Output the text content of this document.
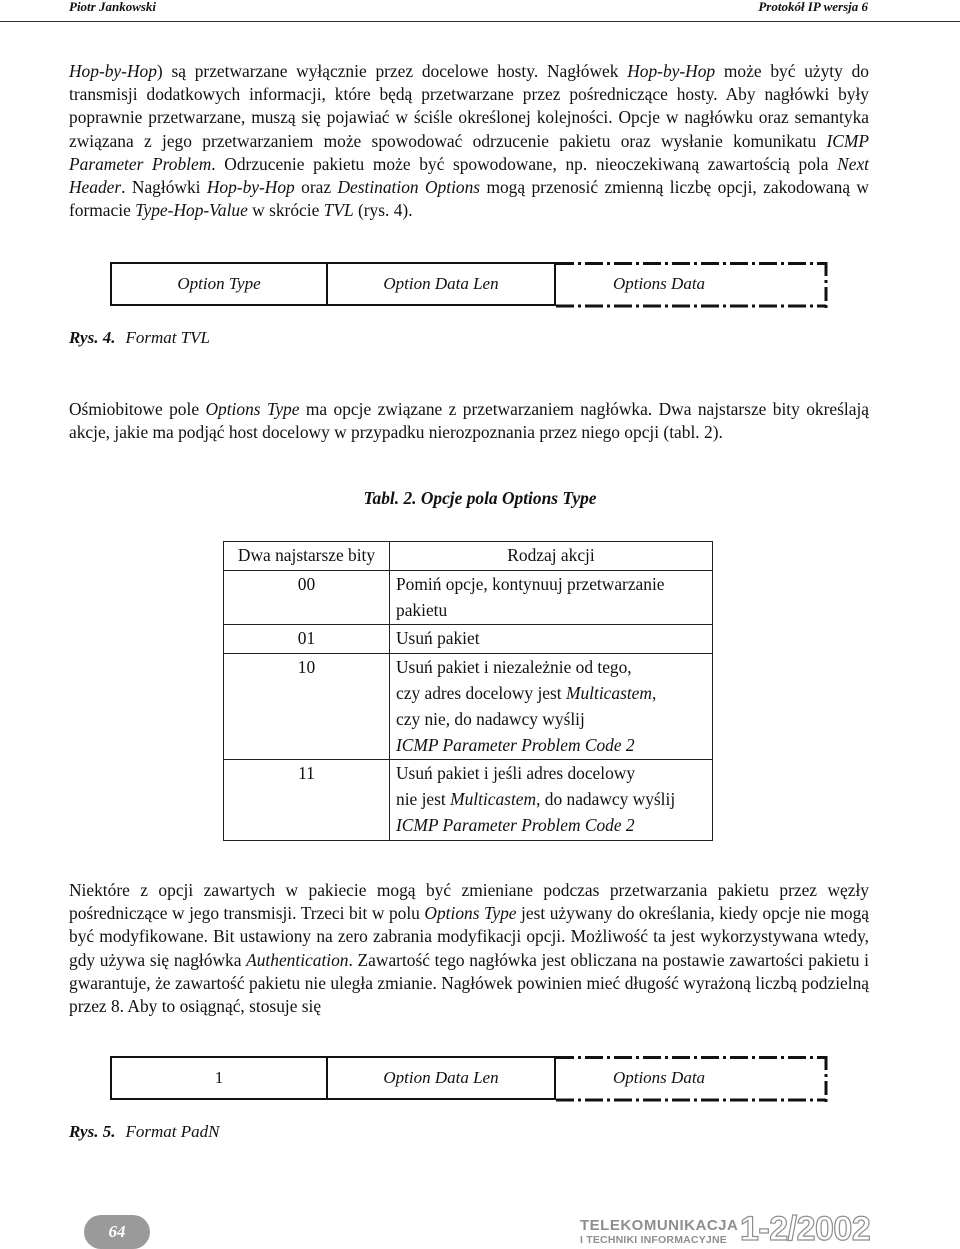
Piotr Jankowski	Protokół IP wersja 6

Hop-by-Hop) są przetwarzane wyłącznie przez docelowe hosty. Nagłówek Hop-by-Hop może być użyty do transmisji dodatkowych informacji, które będą przetwarzane przez pośredniczące hosty. Aby nagłówki były poprawnie przetwarzane, muszą się pojawiać w ściśle określonej kolejności. Opcje w nagłówku oraz semantyka związana z jego przetwarzaniem może spowodować odrzucenie pakietu oraz wysłanie komunikatu ICMP Parameter Problem. Odrzucenie pakietu może być spowodowane, np. nieoczekiwaną zawartością pola Next Header. Nagłówki Hop-by-Hop oraz Destination Options mogą przenosić zmienną liczbę opcji, zakodowaną w formacie Type-Hop-Value w skrócie TVL (rys. 4).

Option Type	Option Data Len	Options Data
Rys. 4. Format TVL

Ośmiobitowe pole Options Type ma opcje związane z przetwarzaniem nagłówka. Dwa najstarsze bity określają akcje, jakie ma podjąć host docelowy w przypadku nierozpoznania przez niego opcji (tabl. 2).

Tabl. 2. Opcje pola Options Type
Dwa najstarsze bity	Rodzaj akcji
00	Pomiń opcje, kontynuuj przetwarzanie
pakietu

01	Usuń pakiet

10	Usuń pakiet i niezależnie od tego,
czy adres docelowy jest Multicastem,
czy nie, do nadawcy wyślij
ICMP Parameter Problem Code 2

11	Usuń pakiet i jeśli adres docelowy
nie jest Multicastem, do nadawcy wyślij
ICMP Parameter Problem Code 2

Niektóre z opcji zawartych w pakiecie mogą być zmieniane podczas przetwarzania pakietu przez węzły pośredniczące w jego transmisji. Trzeci bit w polu Options Type jest używany do określania, kiedy opcje nie mogą być modyfikowane. Bit ustawiony na zero zabrania modyfikacji opcji. Możliwość ta jest wykorzystywana wtedy, gdy używa się nagłówka Authentication. Zawartość tego nagłówka jest obliczana na postawie zawartości pakietu i gwarantuje, że zawartość pakietu nie uległa zmianie. Nagłówek powinien mieć długość wyrażoną liczbą podzielną przez 8. Aby to osiągnąć, stosuje się

1	Option Data Len	Options Data
Rys. 5. Format PadN
64	TELEKOMUNIKACJA
I TECHNIKI INFORMACYJNE 1-2/2002
